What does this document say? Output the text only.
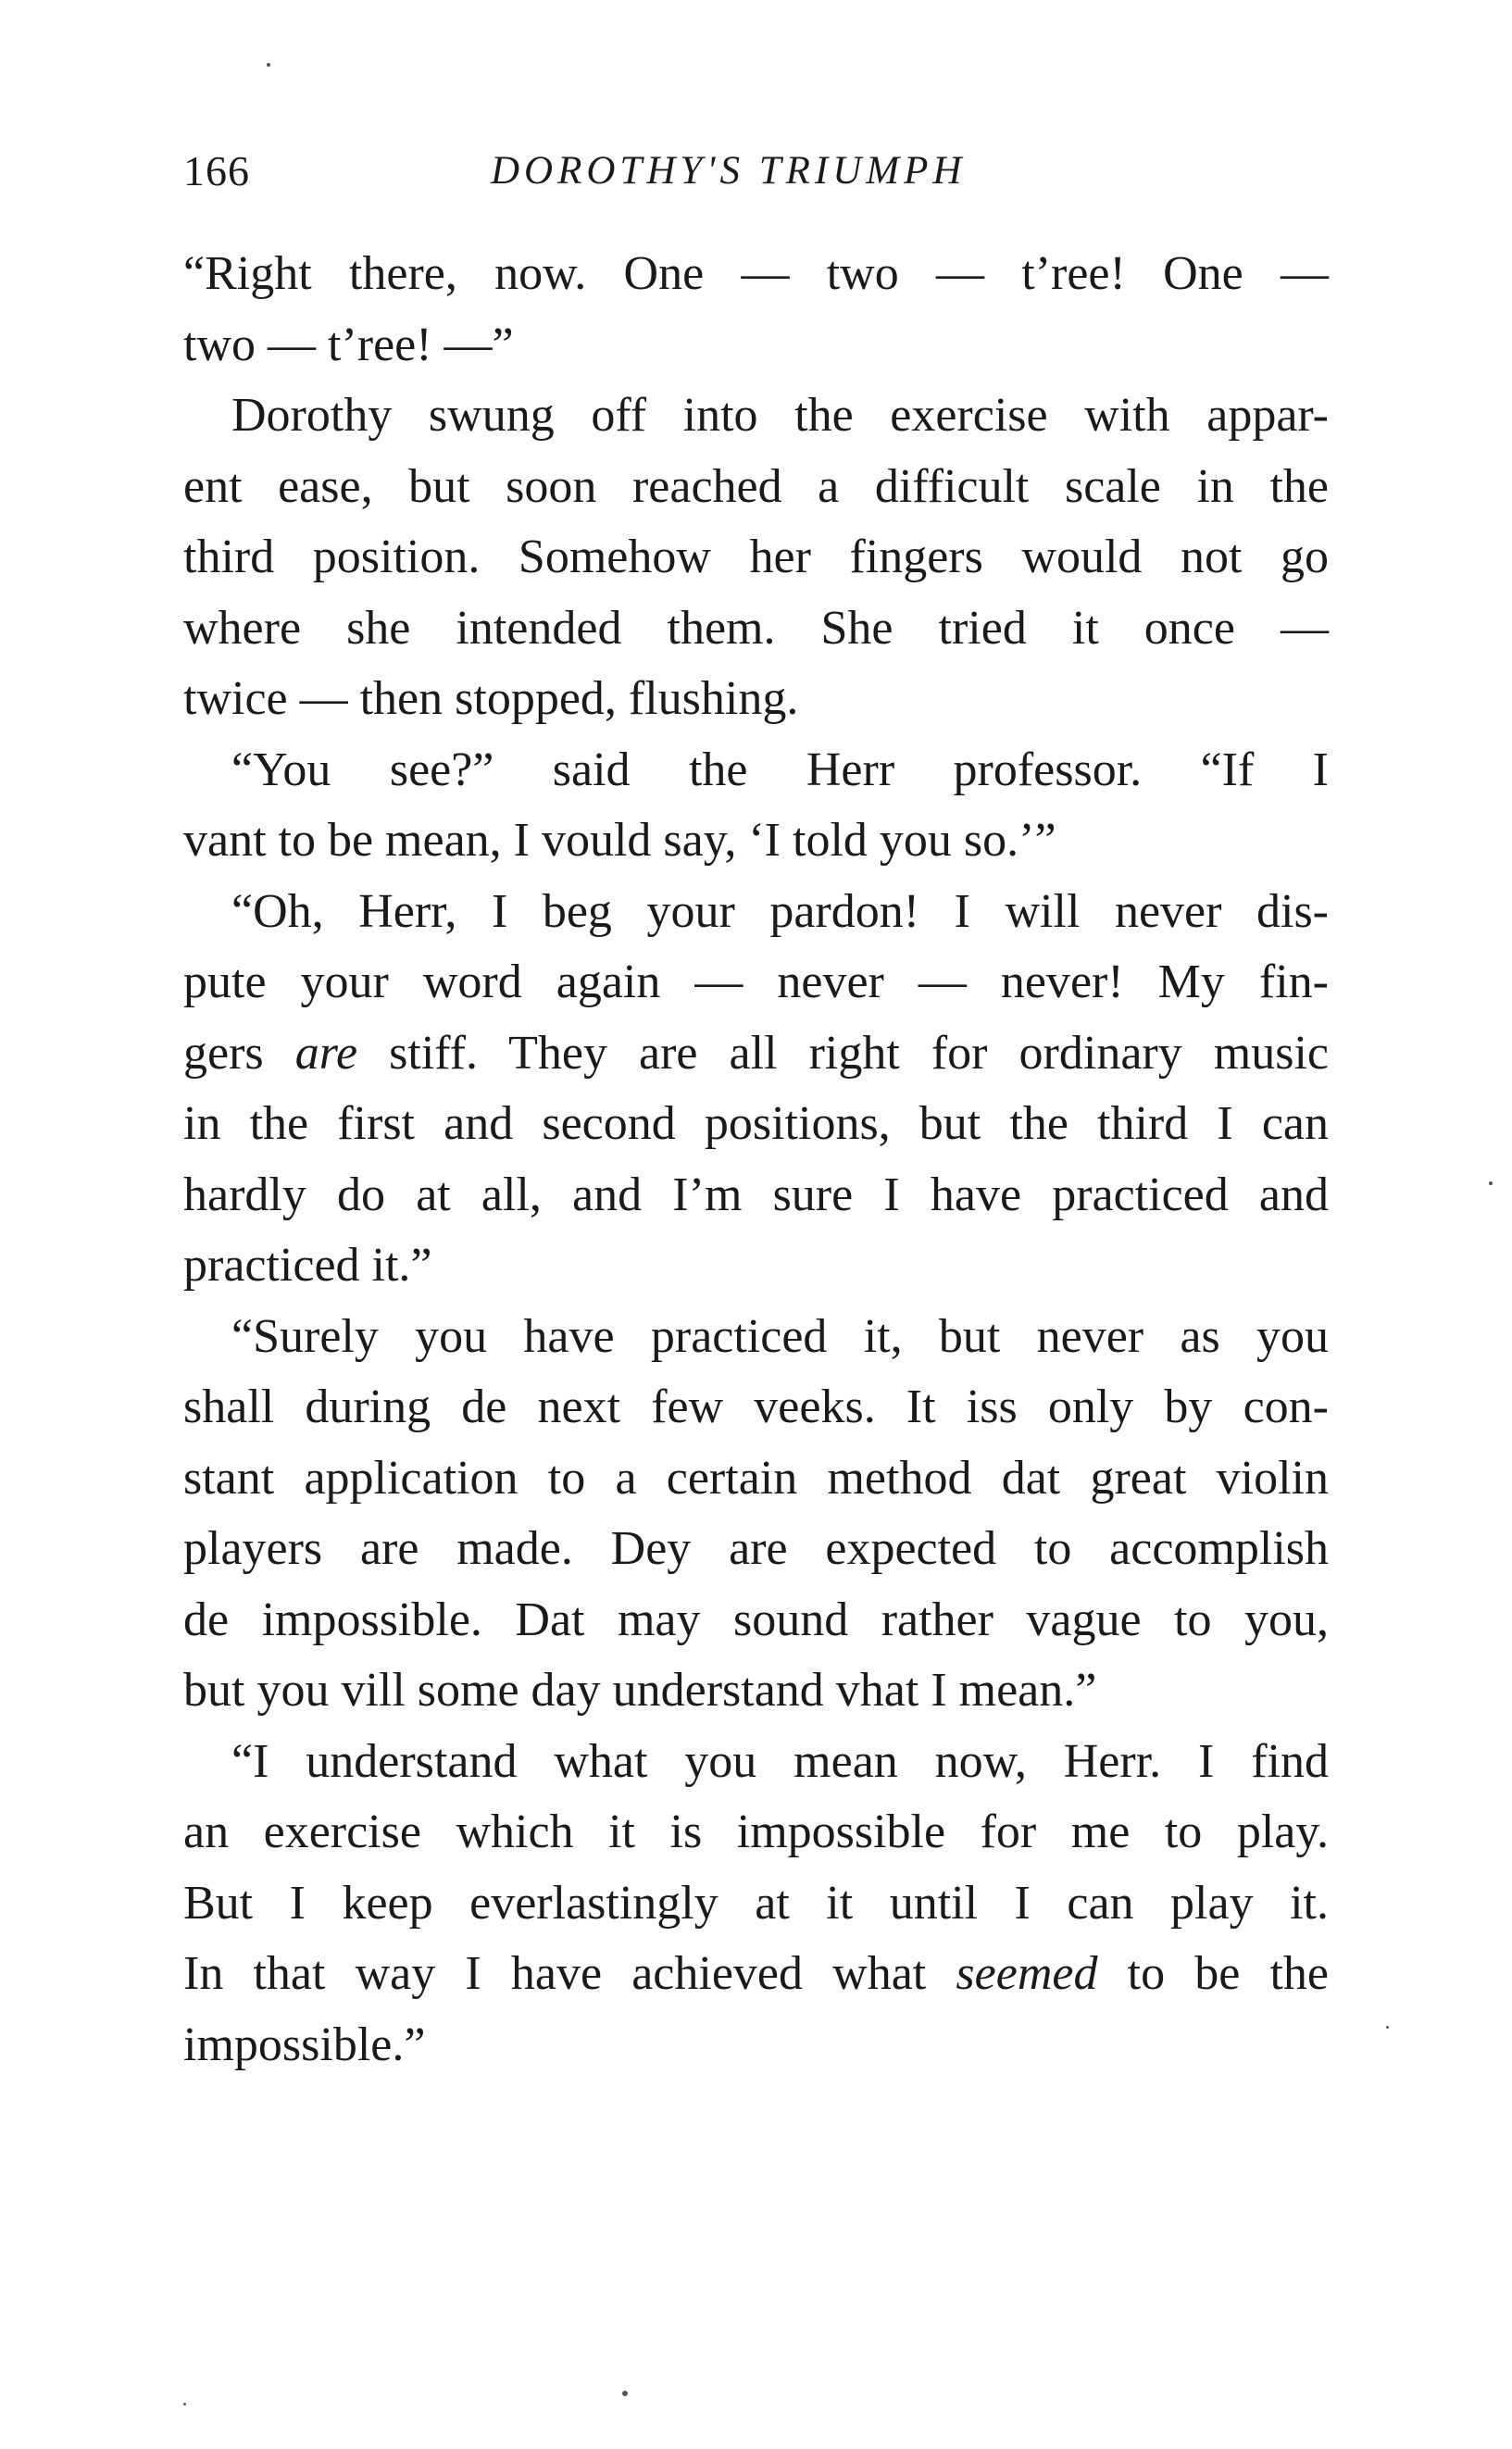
166	DOROTHY'S TRIUMPH
“Right there, now. One — two — t’ree! One —
two — t’ree! —”
Dorothy swung off into the exercise with appar-
ent ease, but soon reached a difficult scale in the
third position. Somehow her fingers would not go
where she intended them. She tried it once —
twice — then stopped, flushing.
“You see?” said the Herr professor. “If I
vant to be mean, I vould say, ‘I told you so.’”
“Oh, Herr, I beg your pardon! I will never dis-
pute your word again — never — never! My fin-
gers are stiff. They are all right for ordinary music
in the first and second positions, but the third I can
hardly do at all, and I’m sure I have practiced and
practiced it.”
“Surely you have practiced it, but never as you
shall during de next few veeks. It iss only by con-
stant application to a certain method dat great violin
players are made. Dey are expected to accomplish
de impossible. Dat may sound rather vague to you,
but you vill some day understand vhat I mean.”
“I understand what you mean now, Herr. I find
an exercise which it is impossible for me to play.
But I keep everlastingly at it until I can play it.
In that way I have achieved what seemed to be the
impossible.”
